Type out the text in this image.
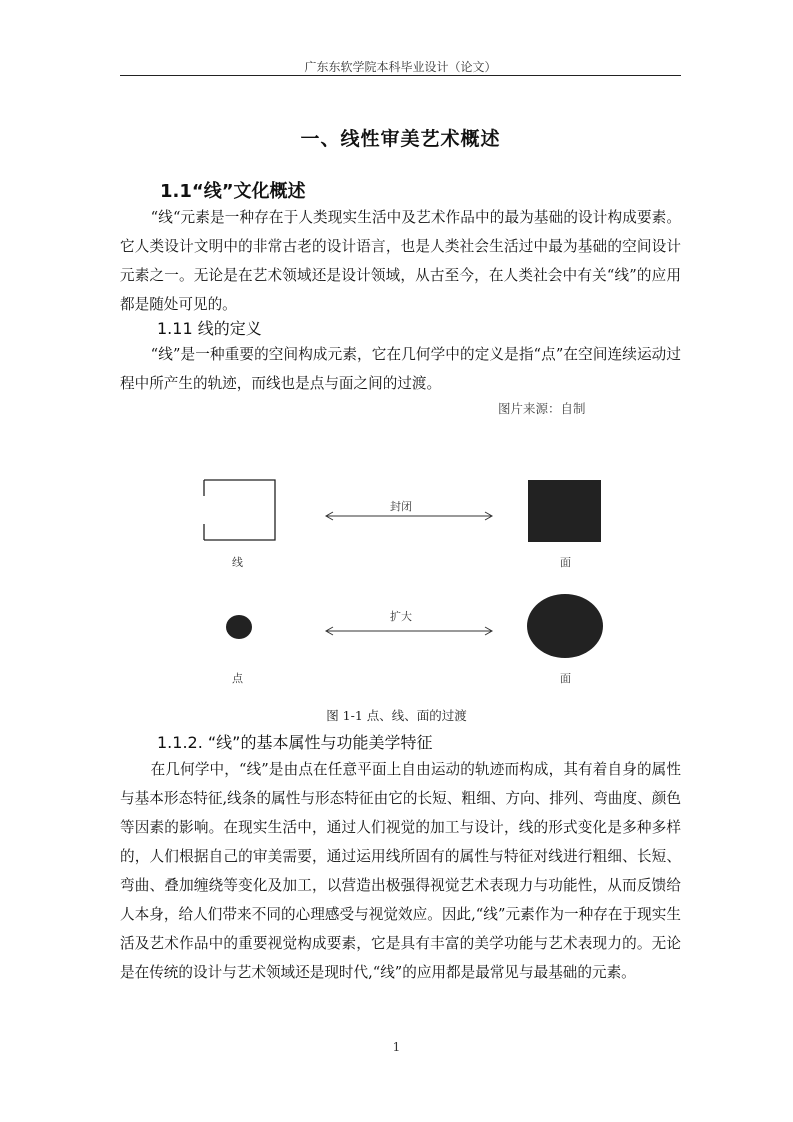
广东东软学院本科毕业设计（论文）
一、线性审美艺术概述
1.1“线”文化概述

“线“元素是一种存在于人类现实生活中及艺术作品中的最为基础的设计构成要素。它人类设计文明中的非常古老的设计语言，也是人类社会生活过中最为基础的空间设计元素之一。无论是在艺术领域还是设计领域，从古至今，在人类社会中有关“线”的应用都是随处可见的。

1.11 线的定义

“线”是一种重要的空间构成元素，它在几何学中的定义是指“点”在空间连续运动过程中所产生的轨迹，而线也是点与面之间的过渡。

图片来源：自制
封闭
扩大
线	面
点	面
图 1-1 点、线、面的过渡
1.1.2. “线”的基本属性与功能美学特征

在几何学中，“线”是由点在任意平面上自由运动的轨迹而构成，其有着自身的属性与基本形态特征,线条的属性与形态特征由它的长短、粗细、方向、排列、弯曲度、颜色等因素的影响。在现实生活中，通过人们视觉的加工与设计，线的形式变化是多种多样的，人们根据自己的审美需要，通过运用线所固有的属性与特征对线进行粗细、长短、弯曲、叠加缠绕等变化及加工，以营造出极强得视觉艺术表现力与功能性，从而反馈给人本身，给人们带来不同的心理感受与视觉效应。因此,“线”元素作为一种存在于现实生活及艺术作品中的重要视觉构成要素，它是具有丰富的美学功能与艺术表现力的。无论是在传统的设计与艺术领域还是现时代,“线”的应用都是最常见与最基础的元素。

1
